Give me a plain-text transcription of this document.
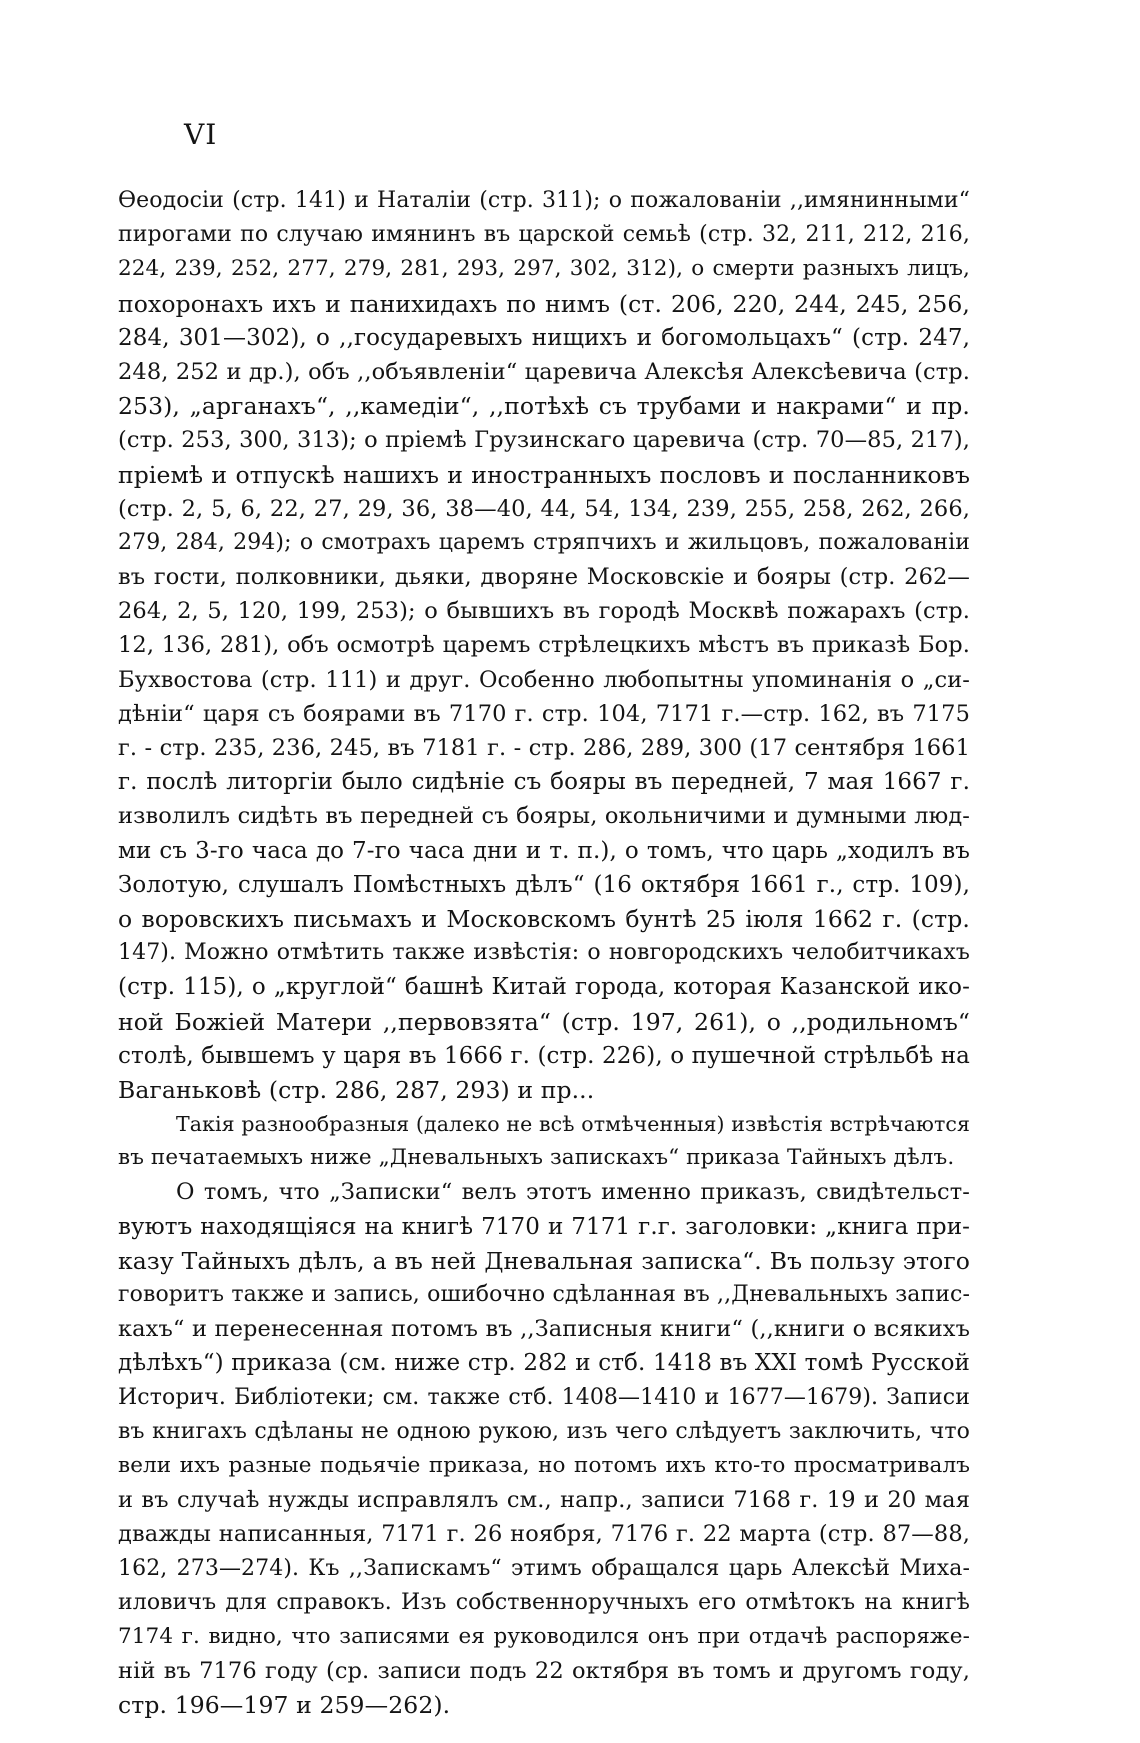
VI
Ѳеодосіи (стр. 141) и Наталіи (стр. 311); о пожалованіи ,,имянинными“
пирогами по случаю имянинъ въ царской семьѣ (стр. 32, 211, 212, 216,
224, 239, 252, 277, 279, 281, 293, 297, 302, 312), о смерти разныхъ лицъ,
похоронахъ ихъ и панихидахъ по нимъ (ст. 206, 220, 244, 245, 256,
284, 301—302), о ,,государевыхъ нищихъ и богомольцахъ“ (стр. 247,
248, 252 и др.), объ ,,объявленіи“ царевича Алексѣя Алексѣевича (стр.
253), „арганахъ“, ,,камедіи“, ,,потѣхѣ съ трубами и накрами“ и пр.
(стр. 253, 300, 313); о пріемѣ Грузинскаго царевича (стр. 70—85, 217),
пріемѣ и отпускѣ нашихъ и иностранныхъ пословъ и посланниковъ
(стр. 2, 5, 6, 22, 27, 29, 36, 38—40, 44, 54, 134, 239, 255, 258, 262, 266,
279, 284, 294); о смотрахъ царемъ стряпчихъ и жильцовъ, пожалованіи
въ гости, полковники, дьяки, дворяне Московскіе и бояры (стр. 262—
264, 2, 5, 120, 199, 253); о бывшихъ въ городѣ Москвѣ пожарахъ (стр.
12, 136, 281), объ осмотрѣ царемъ стрѣлецкихъ мѣстъ въ приказѣ Бор.
Бухвостова (стр. 111) и друг. Особенно любопытны упоминанія о „си-
дѣніи“ царя съ боярами въ 7170 г. стр. 104, 7171 г.—стр. 162, въ 7175
г. - стр. 235, 236, 245, въ 7181 г. - стр. 286, 289, 300 (17 сентября 1661
г. послѣ литоргіи было сидѣніе съ бояры въ передней, 7 мая 1667 г.
изволилъ сидѣть въ передней съ бояры, окольничими и думными люд-
ми съ 3-го часа до 7-го часа дни и т. п.), о томъ, что царь „ходилъ въ
Золотую, слушалъ Помѣстныхъ дѣлъ“ (16 октября 1661 г., стр. 109),
о воровскихъ письмахъ и Московскомъ бунтѣ 25 іюля 1662 г. (стр.
147). Можно отмѣтить также извѣстія: о новгородскихъ челобитчикахъ
(стр. 115), о „круглой“ башнѣ Китай города, которая Казанской ико-
ной Божіей Матери ,,первовзята“ (стр. 197, 261), о ,,родильномъ“
столѣ, бывшемъ у царя въ 1666 г. (стр. 226), о пушечной стрѣльбѣ на
Ваганьковѣ (стр. 286, 287, 293) и пр...
Такія разнообразныя (далеко не всѣ отмѣченныя) извѣстія встрѣчаются
въ печатаемыхъ ниже „Дневальныхъ запискахъ“ приказа Тайныхъ дѣлъ.
О томъ, что „Записки“ велъ этотъ именно приказъ, свидѣтельст-
вуютъ находящіяся на книгѣ 7170 и 7171 г.г. заголовки: „книга при-
казу Тайныхъ дѣлъ, а въ ней Дневальная записка“. Въ пользу этого
говоритъ также и запись, ошибочно сдѣланная въ ,,Дневальныхъ запис-
кахъ“ и перенесенная потомъ въ ,,Записныя книги“ (,,книги о всякихъ
дѣлѣхъ“) приказа (см. ниже стр. 282 и стб. 1418 въ XXI томѣ Русской
Историч. Библіотеки; см. также стб. 1408—1410 и 1677—1679). Записи
въ книгахъ сдѣланы не одною рукою, изъ чего слѣдуетъ заключить, что
вели ихъ разные подьячіе приказа, но потомъ ихъ кто-то просматривалъ
и въ случаѣ нужды исправлялъ см., напр., записи 7168 г. 19 и 20 мая
дважды написанныя, 7171 г. 26 ноября, 7176 г. 22 марта (стр. 87—88,
162, 273—274). Къ ,,Запискамъ“ этимъ обращался царь Алексѣй Миха-
иловичъ для справокъ. Изъ собственноручныхъ его отмѣтокъ на книгѣ
7174 г. видно, что записями ея руководился онъ при отдачѣ распоряже-
ній въ 7176 году (ср. записи подъ 22 октября въ томъ и другомъ году,
стр. 196—197 и 259—262).
